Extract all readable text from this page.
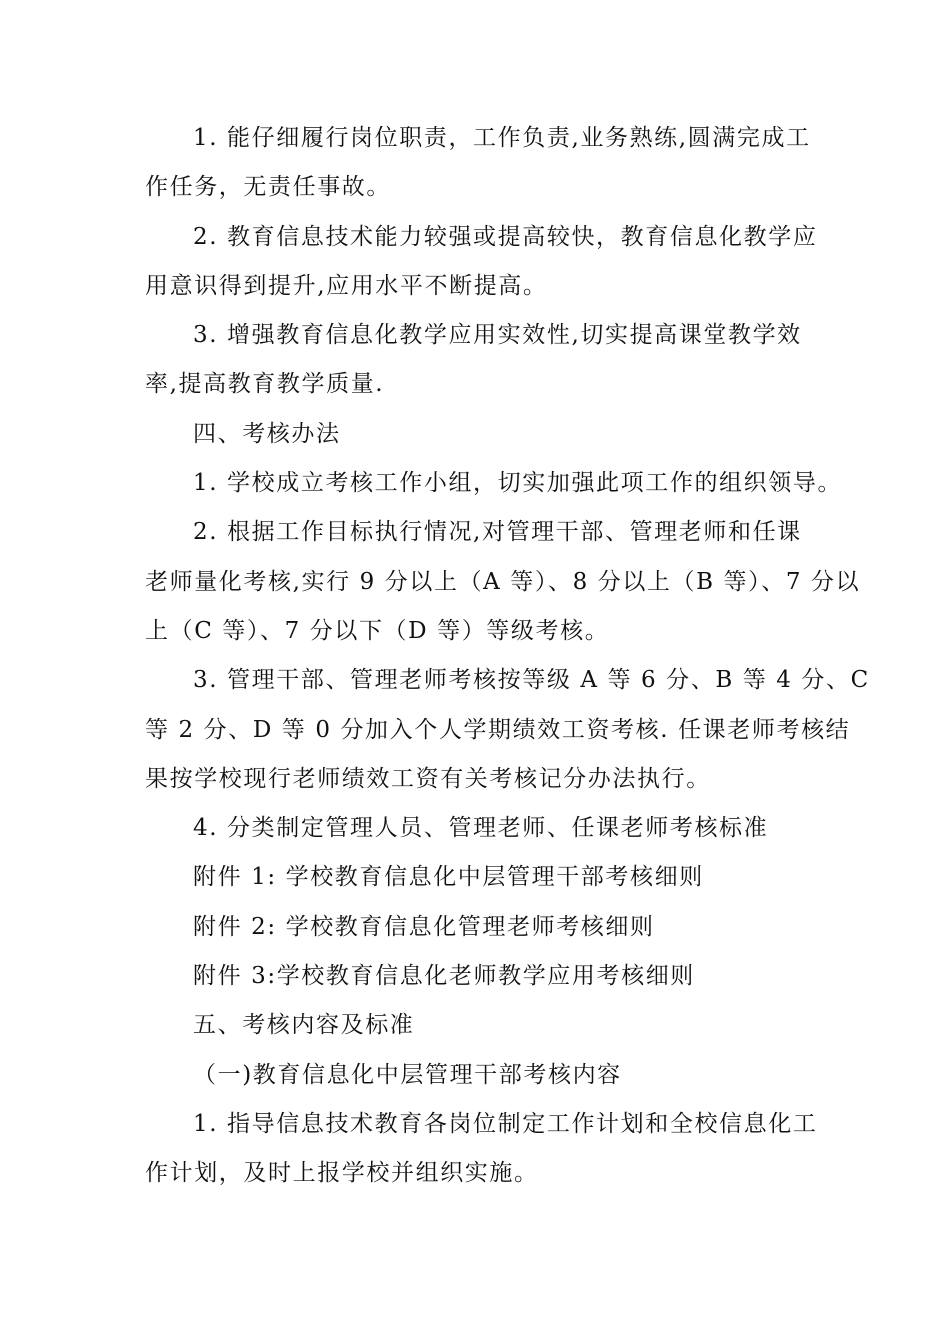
1. 能仔细履行岗位职责，工作负责,业务熟练,圆满完成工

作任务，无责任事故。

2. 教育信息技术能力较强或提高较快，教育信息化教学应

用意识得到提升,应用水平不断提高。

3. 增强教育信息化教学应用实效性,切实提高课堂教学效

率,提高教育教学质量.

四、考核办法

1. 学校成立考核工作小组，切实加强此项工作的组织领导。

2. 根据工作目标执行情况,对管理干部、管理老师和任课

老师量化考核,实行 9 分以上（A 等）、8 分以上（B 等）、7 分以

上（C 等）、7 分以下（D 等）等级考核。

3. 管理干部、管理老师考核按等级 A 等 6 分、B 等 4 分、C

等 2 分、D 等 0 分加入个人学期绩效工资考核. 任课老师考核结

果按学校现行老师绩效工资有关考核记分办法执行。

4. 分类制定管理人员、管理老师、任课老师考核标准

附件 1: 学校教育信息化中层管理干部考核细则

附件 2: 学校教育信息化管理老师考核细则

附件 3:学校教育信息化老师教学应用考核细则

五、考核内容及标准

（一)教育信息化中层管理干部考核内容

1. 指导信息技术教育各岗位制定工作计划和全校信息化工

作计划，及时上报学校并组织实施。
